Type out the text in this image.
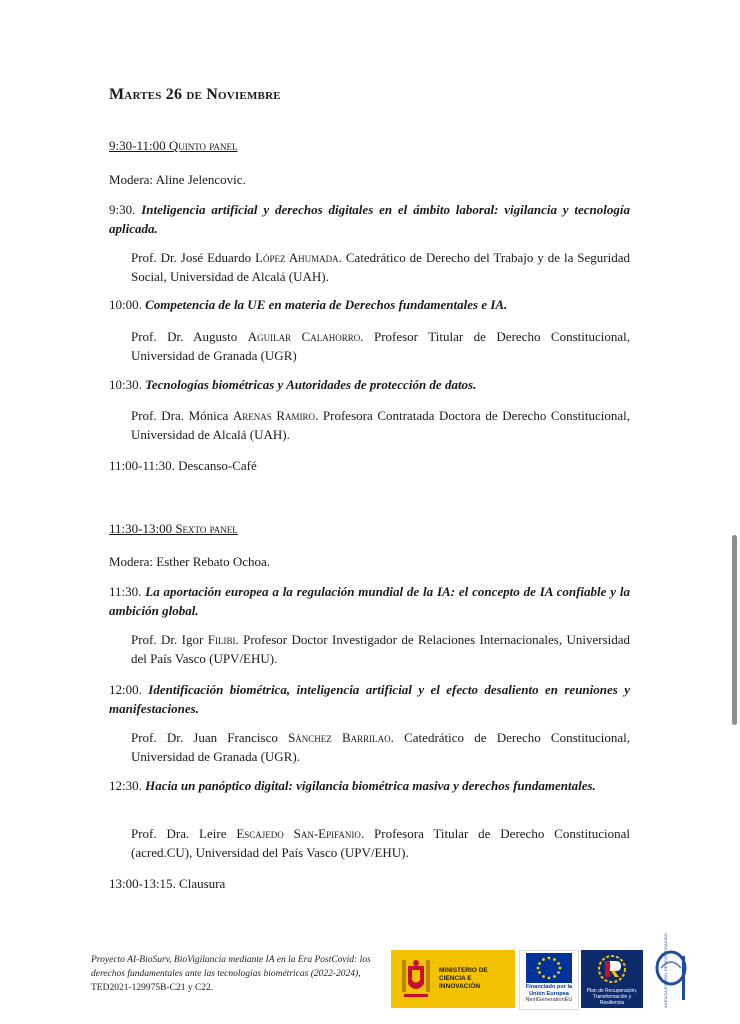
Martes 26 de Noviembre
9:30-11:00 Quinto panel
Modera: Aline Jelencovic.
9:30. Inteligencia artificial y derechos digitales en el ámbito laboral: vigilancia y tecnología aplicada.
Prof. Dr. José Eduardo López Ahumada. Catedrático de Derecho del Trabajo y de la Seguridad Social, Universidad de Alcalá (UAH).
10:00. Competencia de la UE en materia de Derechos fundamentales e IA.
Prof. Dr. Augusto Aguilar Calahorro. Profesor Titular de Derecho Constitucional, Universidad de Granada (UGR)
10:30. Tecnologías biométricas y Autoridades de protección de datos.
Prof. Dra. Mónica Arenas Ramiro. Profesora Contratada Doctora de Derecho Constitucional, Universidad de Alcalá (UAH).
11:00-11:30. Descanso-Café
11:30-13:00 Sexto panel
Modera: Esther Rebato Ochoa.
11:30. La aportación europea a la regulación mundial de la IA: el concepto de IA confiable y la ambición global.
Prof. Dr. Igor Filibi. Profesor Doctor Investigador de Relaciones Internacionales, Universidad del País Vasco (UPV/EHU).
12:00. Identificación biométrica, inteligencia artificial y el efecto desaliento en reuniones y manifestaciones.
Prof. Dr. Juan Francisco Sánchez Barrilao. Catedrático de Derecho Constitucional, Universidad de Granada (UGR).
12:30. Hacia un panóptico digital: vigilancia biométrica masiva y derechos fundamentales.
Prof. Dra. Leire Escajedo San-Epifanio. Profesora Titular de Derecho Constitucional (acred.CU), Universidad del País Vasco (UPV/EHU).
13:00-13:15. Clausura
Proyecto AI-BioSurv, BioVigilancia mediante IA en la Era PostCovid: los derechos fundamentales ante las tecnologías biométricas (2022-2024),
TED2021-129975B-C21 y C22.
MINISTERIO DE CIENCIA E INNOVACIÓN	Financiado por la Unión Europea
NextGenerationEU
Plan de Recuperación, Transformación y Resiliencia	AGENCIA ESTATAL DE INVESTIGACIÓN
